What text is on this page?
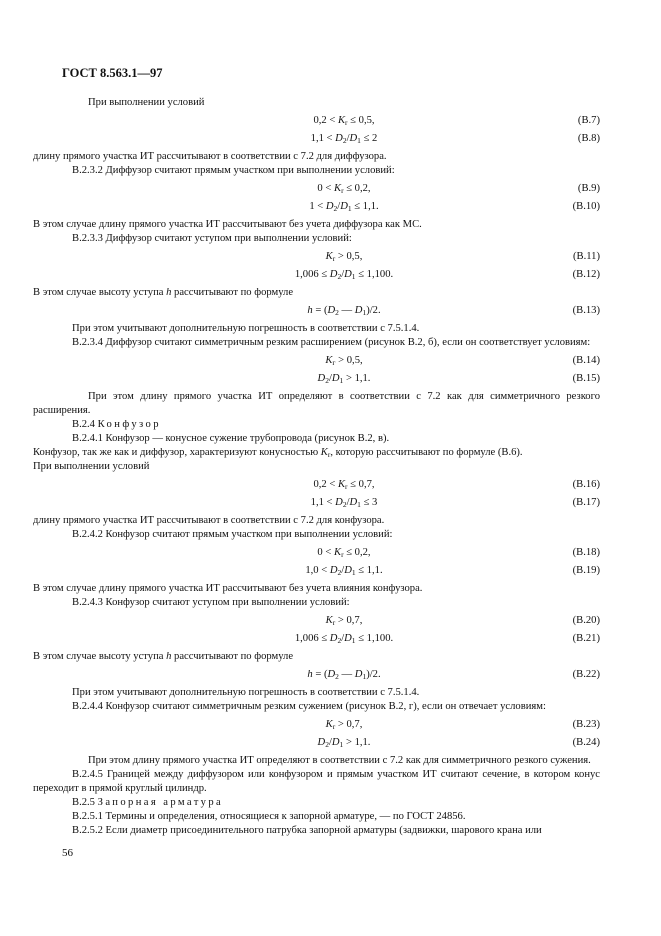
ГОСТ 8.563.1—97

При выполнении условий

$0,2 < K_r \le 0,5$,	(B.7)
$1,1 < D_2/D_1 \le 2$	(B.8)

длину прямого участка ИТ рассчитывают в соответствии с 7.2 для диффузора.

В.2.3.2 Диффузор считают прямым участком при выполнении условий:

$0 < K_r \le 0,2$,	(B.9)
$1 < D_2/D_1 \le 1,1$.	(B.10)

В этом случае длину прямого участка ИТ рассчитывают без учета диффузора как МС.

В.2.3.3 Диффузор считают уступом при выполнении условий:

$K_r > 0,5$,	(B.11)
$1,006 \le D_2/D_1 \le 1,100$.	(B.12)

В этом случае высоту уступа h рассчитывают по формуле

$h = (D_2$ — $D_1)/2$.	(B.13)

При этом учитывают дополнительную погрешность в соответствии с 7.5.1.4.

В.2.3.4 Диффузор считают симметричным резким расширением (рисунок В.2, б), если он соответствует условиям:

$K_г > 0,5$,	(B.14)
$D_2/D_1 > 1,1$.	(B.15)

При этом длину прямого участка ИТ определяют в соответствии с 7.2 как для симметричного резкого расширения.

В.2.4 Конфузор

В.2.4.1 Конфузор — конусное сужение трубопровода (рисунок В.2, в).

Конфузор, так же как и диффузор, характеризуют конусностью $K_r$, которую рассчитывают по формуле (В.6).

При выполнении условий

$0,2 < K_r \le 0,7$,	(B.16)
$1,1 < D_2/D_1 \le 3$	(B.17)

длину прямого участка ИТ рассчитывают в соответствии с 7.2 для конфузора.

В.2.4.2 Конфузор считают прямым участком при выполнении условий:

$0 < K_r \le 0,2$,	(B.18)
$1,0 < D_2/D_1 \le 1,1$.	(B.19)

В этом случае длину прямого участка ИТ рассчитывают без учета влияния конфузора.

В.2.4.3 Конфузор считают уступом при выполнении условий:

$K_r > 0,7$,	(B.20)
$1,006 \le D_2/D_1 \le 1,100$.	(B.21)

В этом случае высоту уступа h рассчитывают по формуле

$h = (D_2$ — $D_1)/2$.	(B.22)

При этом учитывают дополнительную погрешность в соответствии с 7.5.1.4.

В.2.4.4 Конфузор считают симметричным резким сужением (рисунок В.2, г), если он отвечает условиям:

$K_r > 0,7$,	(B.23)
$D_2/D_1 > 1,1$.	(B.24)

При этом длину прямого участка ИТ определяют в соответствии с 7.2 как для симметричного резкого сужения.

В.2.4.5 Границей между диффузором или конфузором и прямым участком ИТ считают сечение, в котором конус переходит в прямой круглый цилиндр.

В.2.5 Запорная арматура

В.2.5.1 Термины и определения, относящиеся к запорной арматуре, — по ГОСТ 24856.

В.2.5.2 Если диаметр присоединительного патрубка запорной арматуры (задвижки, шарового крана или

56
